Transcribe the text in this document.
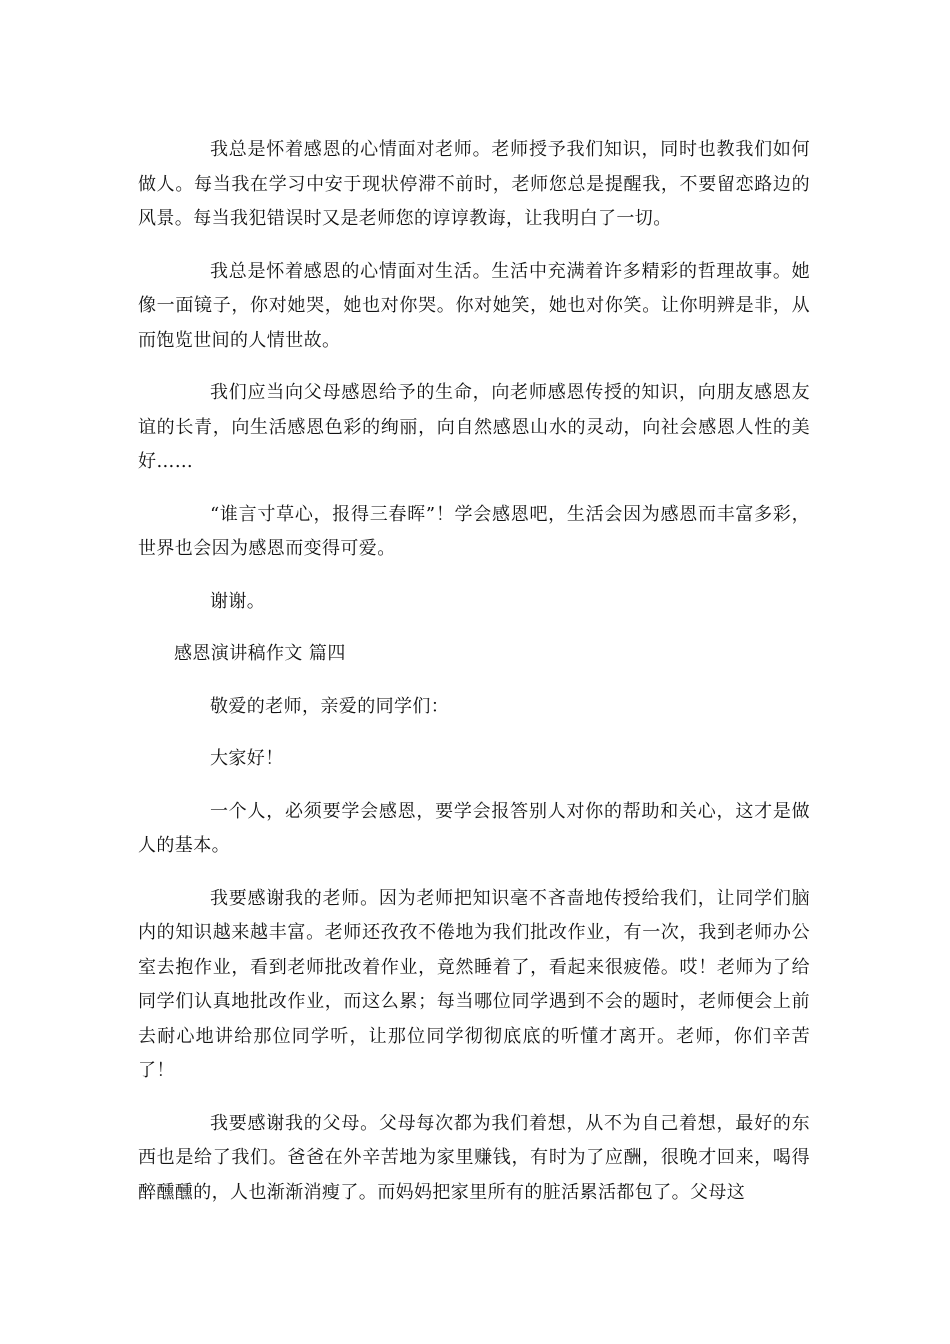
我总是怀着感恩的心情面对老师。老师授予我们知识，同时也教我们如何做人。每当我在学习中安于现状停滞不前时，老师您总是提醒我，不要留恋路边的风景。每当我犯错误时又是老师您的谆谆教诲，让我明白了一切。

我总是怀着感恩的心情面对生活。生活中充满着许多精彩的哲理故事。她像一面镜子，你对她哭，她也对你哭。你对她笑，她也对你笑。让你明辨是非，从而饱览世间的人情世故。

我们应当向父母感恩给予的生命，向老师感恩传授的知识，向朋友感恩友谊的长青，向生活感恩色彩的绚丽，向自然感恩山水的灵动，向社会感恩人性的美好……

“谁言寸草心，报得三春晖”！学会感恩吧，生活会因为感恩而丰富多彩，世界也会因为感恩而变得可爱。

谢谢。

感恩演讲稿作文 篇四

敬爱的老师，亲爱的同学们：

大家好！

一个人，必须要学会感恩，要学会报答别人对你的帮助和关心，这才是做人的基本。

我要感谢我的老师。因为老师把知识毫不吝啬地传授给我们，让同学们脑内的知识越来越丰富。老师还孜孜不倦地为我们批改作业，有一次，我到老师办公室去抱作业，看到老师批改着作业，竟然睡着了，看起来很疲倦。哎！老师为了给同学们认真地批改作业，而这么累；每当哪位同学遇到不会的题时，老师便会上前去耐心地讲给那位同学听，让那位同学彻彻底底的听懂才离开。老师，你们辛苦了！

我要感谢我的父母。父母每次都为我们着想，从不为自己着想，最好的东西也是给了我们。爸爸在外辛苦地为家里赚钱，有时为了应酬，很晚才回来，喝得醉醺醺的，人也渐渐消瘦了。而妈妈把家里所有的脏活累活都包了。父母这
